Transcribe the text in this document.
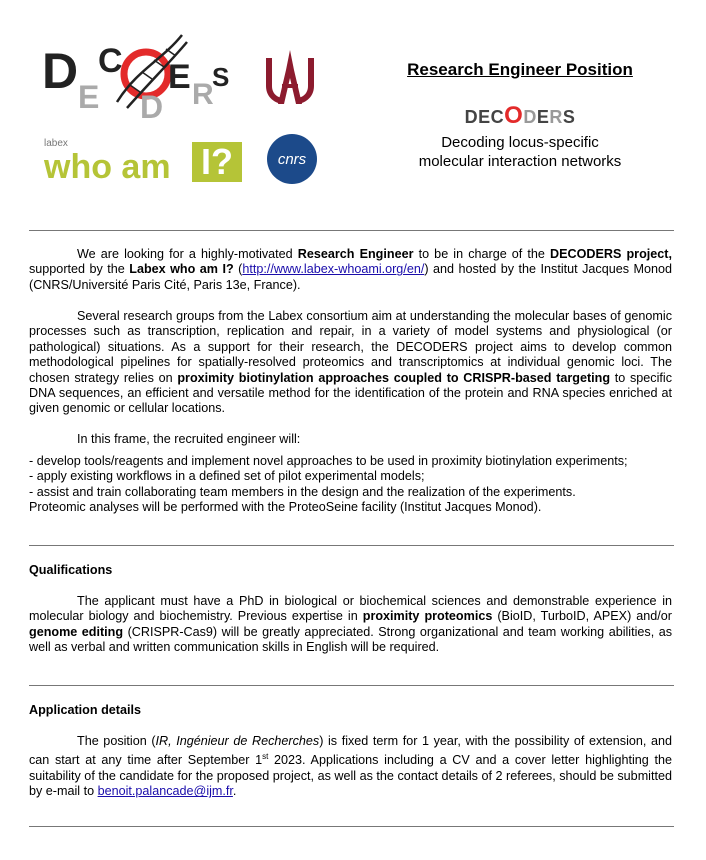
D E
C
D
E R
S
labex
who am I?	cnrs
Research Engineer Position
DECODERS
Decoding locus-specific
molecular interaction networks
We are looking for a highly-motivated Research Engineer to be in charge of the DECODERS project, supported by the Labex who am I? (http://www.labex-whoami.org/en/) and hosted by the Institut Jacques Monod (CNRS/Université Paris Cité, Paris 13e, France).
Several research groups from the Labex consortium aim at understanding the molecular bases of genomic processes such as transcription, replication and repair, in a variety of model systems and physiological (or pathological) situations. As a support for their research, the DECODERS project aims to develop common methodological pipelines for spatially-resolved proteomics and transcriptomics at individual genomic loci. The chosen strategy relies on proximity biotinylation approaches coupled to CRISPR-based targeting to specific DNA sequences, an efficient and versatile method for the identification of the protein and RNA species enriched at given genomic or cellular locations.
In this frame, the recruited engineer will:
- develop tools/reagents and implement novel approaches to be used in proximity biotinylation experiments;
- apply existing workflows in a defined set of pilot experimental models;
- assist and train collaborating team members in the design and the realization of the experiments.
Proteomic analyses will be performed with the ProteoSeine facility (Institut Jacques Monod).
Qualifications
The applicant must have a PhD in biological or biochemical sciences and demonstrable experience in molecular biology and biochemistry. Previous expertise in proximity proteomics (BioID, TurboID, APEX) and/or genome editing (CRISPR-Cas9) will be greatly appreciated. Strong organizational and team working abilities, as well as verbal and written communication skills in English will be required.
Application details
The position (IR, Ingénieur de Recherches) is fixed term for 1 year, with the possibility of extension, and can start at any time after September 1st 2023. Applications including a CV and a cover letter highlighting the suitability of the candidate for the proposed project, as well as the contact details of 2 referees, should be submitted by e-mail to benoit.palancade@ijm.fr.
